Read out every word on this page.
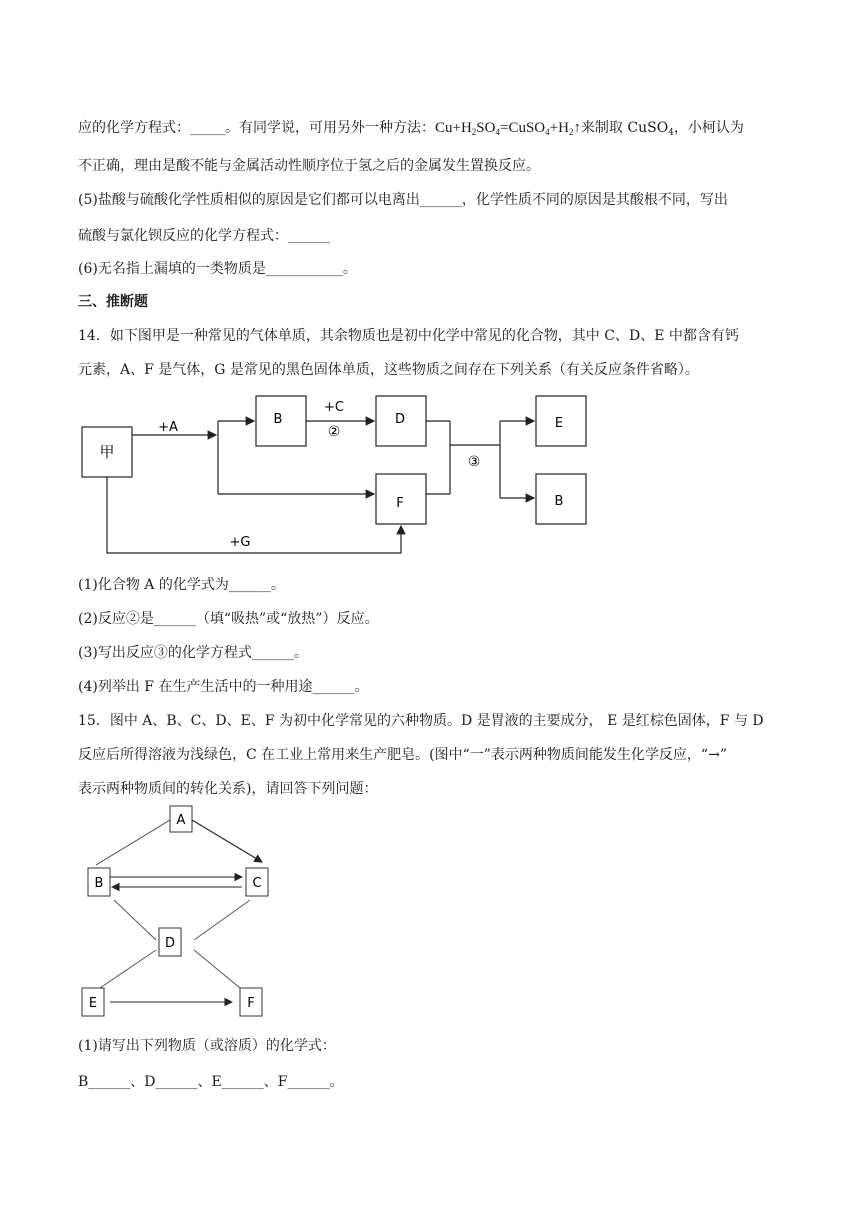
应的化学方程式：_____。有同学说，可用另外一种方法：$Cu+H_2SO_4=CuSO_4+H_2↑$来制取 CuSO$_4$，小柯认为
不正确，理由是酸不能与金属活动性顺序位于氢之后的金属发生置换反应。
(5)盐酸与硫酸化学性质相似的原因是它们都可以电离出______，化学性质不同的原因是其酸根不同，写出
硫酸与氯化钡反应的化学方程式：______
(6)无名指上漏填的一类物质是___________。
三、推断题
14．如下图甲是一种常见的气体单质，其余物质也是初中化学中常见的化合物，其中 C、D、E 中都含有钙
元素，A、F 是气体，G 是常见的黑色固体单质，这些物质之间存在下列关系（有关反应条件省略）。
甲
B	D	E
F	B
+A
+C
②
③
+G
(1)化合物 A 的化学式为______。
(2)反应②是______（填“吸热”或“放热”）反应。
(3)写出反应③的化学方程式______。
(4)列举出 F 在生产生活中的一种用途______。
15．图中 A、B、C、D、E、F 为初中化学常见的六种物质。D 是胃液的主要成分， E 是红棕色固体，F 与 D
反应后所得溶液为浅绿色，C 在工业上常用来生产肥皂。(图中“一”表示两种物质间能发生化学反应，“→”
表示两种物质间的转化关系)，请回答下列问题：
A
B	C
D
E	F
(1)请写出下列物质（或溶质）的化学式：
B______、D______、E______、F______。
